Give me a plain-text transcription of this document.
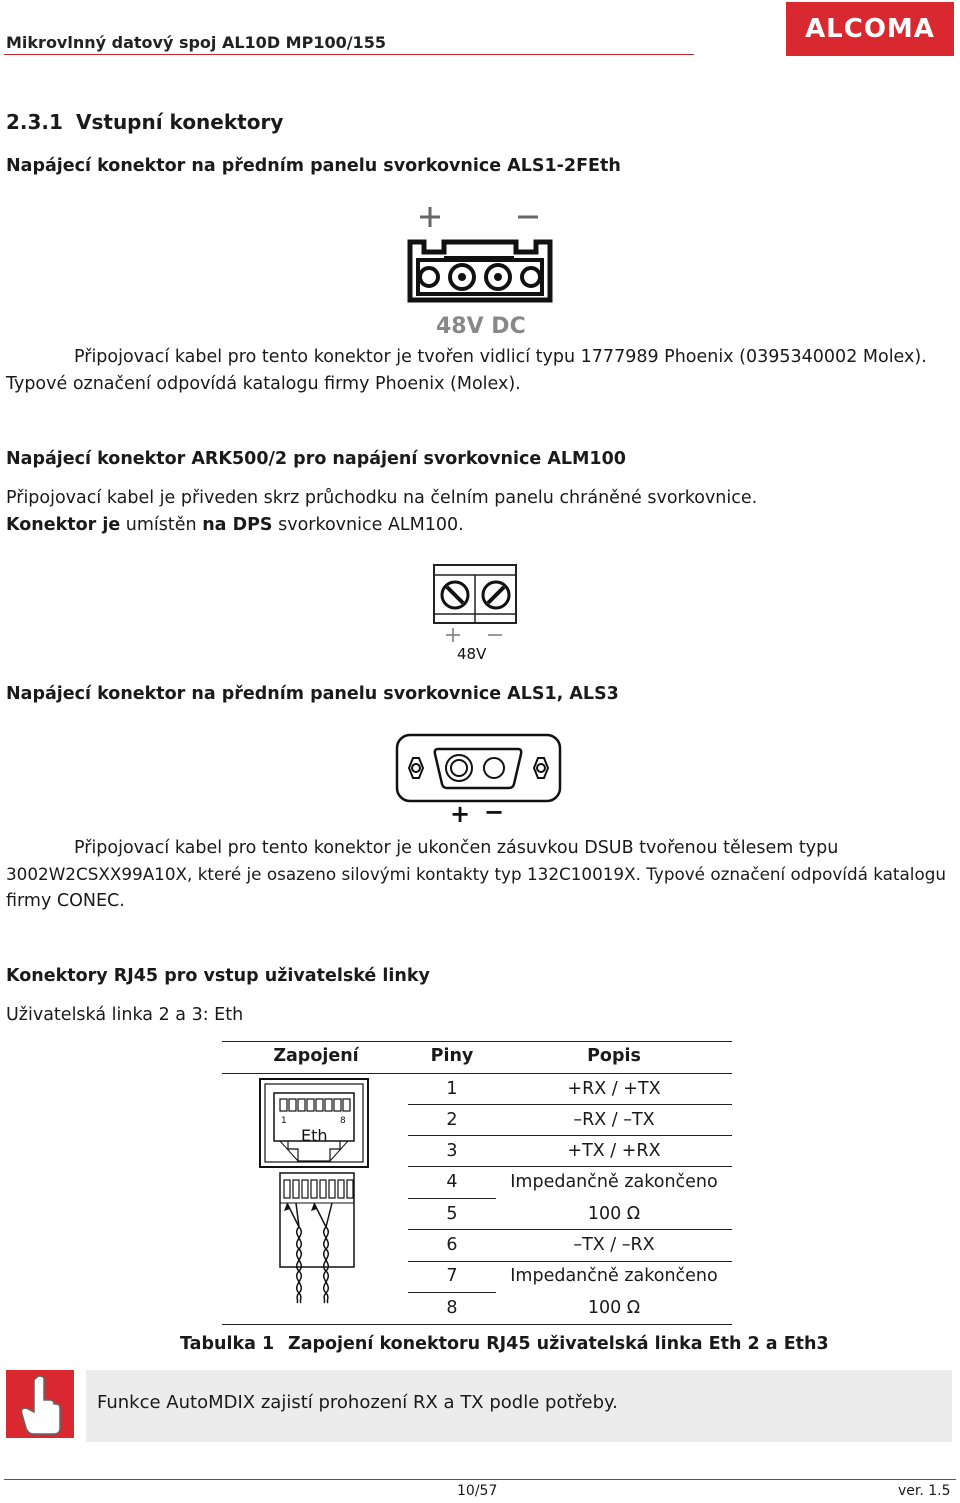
Mikrovlnný datový spoj AL10D MP100/155	ALCOMA
2.3.1 Vstupní konektory
Napájecí konektor na předním panelu svorkovnice ALS1-2FEth
48V DC
Připojovací kabel pro tento konektor je tvořen vidlicí typu 1777989 Phoenix (0395340002 Molex).
Typové označení odpovídá katalogu firmy Phoenix (Molex).
Napájecí konektor ARK500/2 pro napájení svorkovnice ALM100
Připojovací kabel je přiveden skrz průchodku na čelním panelu chráněné svorkovnice.
Konektor je umístěn na DPS svorkovnice ALM100.
48V
Napájecí konektor na předním panelu svorkovnice ALS1, ALS3
+ −
Připojovací kabel pro tento konektor je ukončen zásuvkou DSUB tvořenou tělesem typu
3002W2CSXX99A10X, které je osazeno silovými kontakty typ 132C10019X. Typové označení odpovídá katalogu
firmy CONEC.
Konektory RJ45 pro vstup uživatelské linky
Uživatelská linka 2 a 3: Eth
Zapojení	Piny	Popis
1	+RX / +TX
2	–RX / –TX
3	+TX / +RX
4	Impedančně zakončeno
5	100 Ω
6	–TX / –RX
7	Impedančně zakončeno
8	100 Ω
1	8
Eth
Tabulka 1 Zapojení konektoru RJ45 uživatelská linka Eth 2 a Eth3
Funkce AutoMDIX zajistí prohození RX a TX podle potřeby.
10/57	ver. 1.5
